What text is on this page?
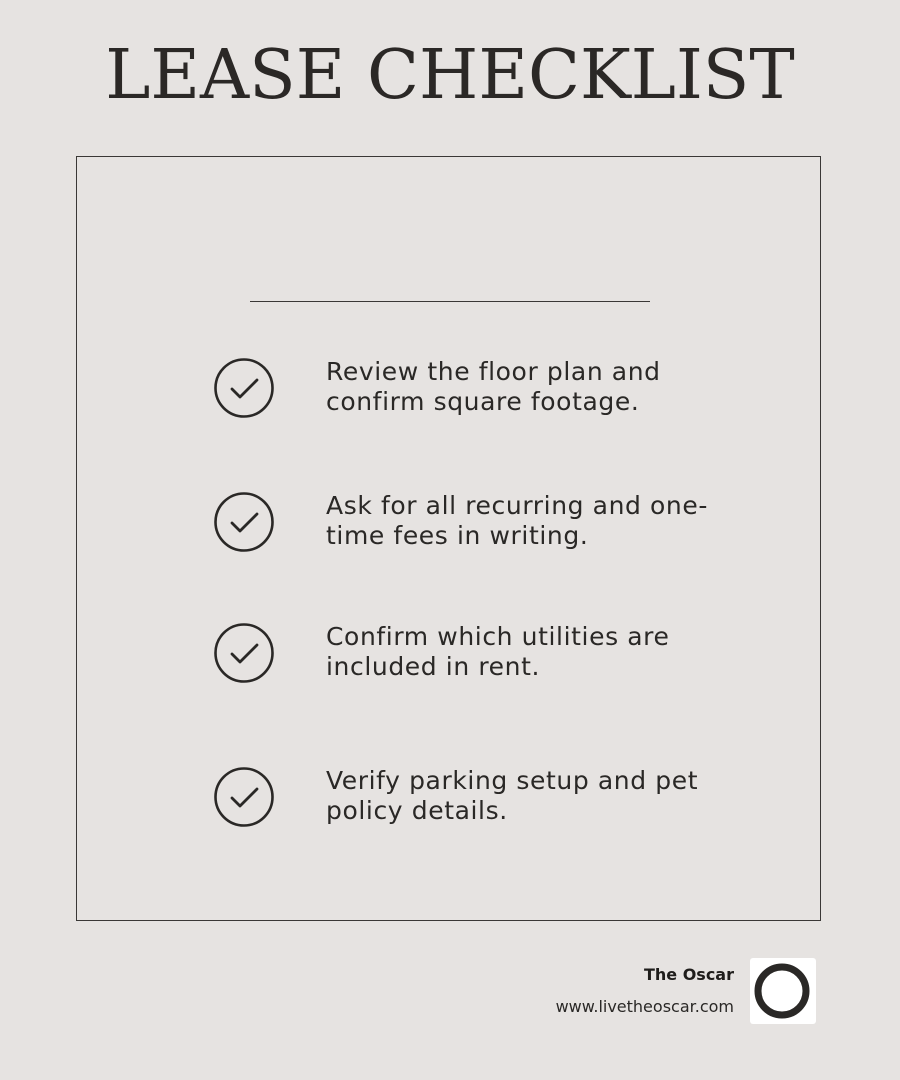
LEASE CHECKLIST
Review the floor plan and
confirm square footage.
Ask for all recurring and one-
time fees in writing.
Confirm which utilities are
included in rent.
Verify parking setup and pet
policy details.
The Oscar
www.livetheoscar.com
